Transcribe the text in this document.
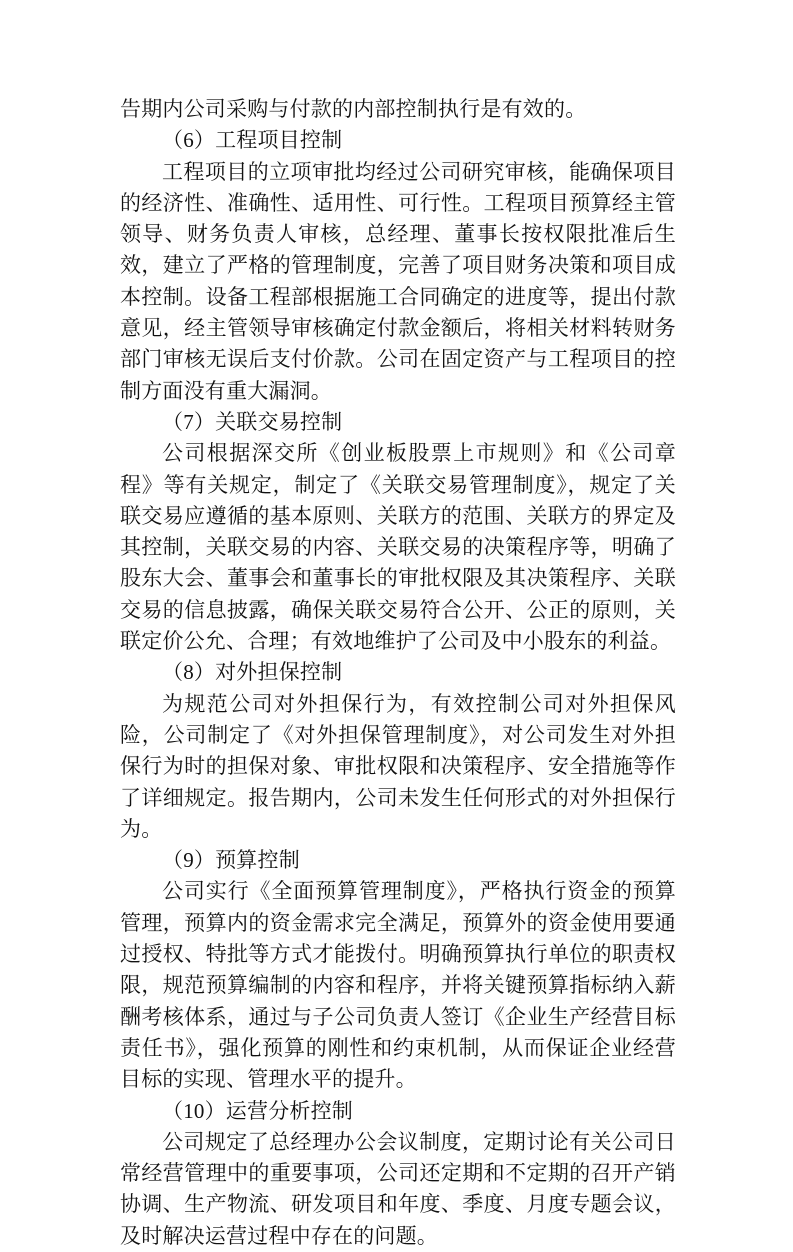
告期内公司采购与付款的内部控制执行是有效的。

（6）工程项目控制

工程项目的立项审批均经过公司研究审核，能确保项目的经济性、准确性、适用性、可行性。工程项目预算经主管领导、财务负责人审核，总经理、董事长按权限批准后生效，建立了严格的管理制度，完善了项目财务决策和项目成本控制。设备工程部根据施工合同确定的进度等，提出付款意见，经主管领导审核确定付款金额后，将相关材料转财务部门审核无误后支付价款。公司在固定资产与工程项目的控制方面没有重大漏洞。

（7）关联交易控制

公司根据深交所《创业板股票上市规则》和《公司章程》等有关规定，制定了《关联交易管理制度》，规定了关联交易应遵循的基本原则、关联方的范围、关联方的界定及其控制，关联交易的内容、关联交易的决策程序等，明确了股东大会、董事会和董事长的审批权限及其决策程序、关联交易的信息披露，确保关联交易符合公开、公正的原则，关联定价公允、合理；有效地维护了公司及中小股东的利益。

（8）对外担保控制

为规范公司对外担保行为，有效控制公司对外担保风险，公司制定了《对外担保管理制度》，对公司发生对外担保行为时的担保对象、审批权限和决策程序、安全措施等作了详细规定。报告期内，公司未发生任何形式的对外担保行为。

（9）预算控制

公司实行《全面预算管理制度》，严格执行资金的预算管理，预算内的资金需求完全满足，预算外的资金使用要通过授权、特批等方式才能拨付。明确预算执行单位的职责权限，规范预算编制的内容和程序，并将关键预算指标纳入薪酬考核体系，通过与子公司负责人签订《企业生产经营目标责任书》，强化预算的刚性和约束机制，从而保证企业经营目标的实现、管理水平的提升。

（10）运营分析控制

公司规定了总经理办公会议制度，定期讨论有关公司日常经营管理中的重要事项，公司还定期和不定期的召开产销协调、生产物流、研发项目和年度、季度、月度专题会议，及时解决运营过程中存在的问题。
